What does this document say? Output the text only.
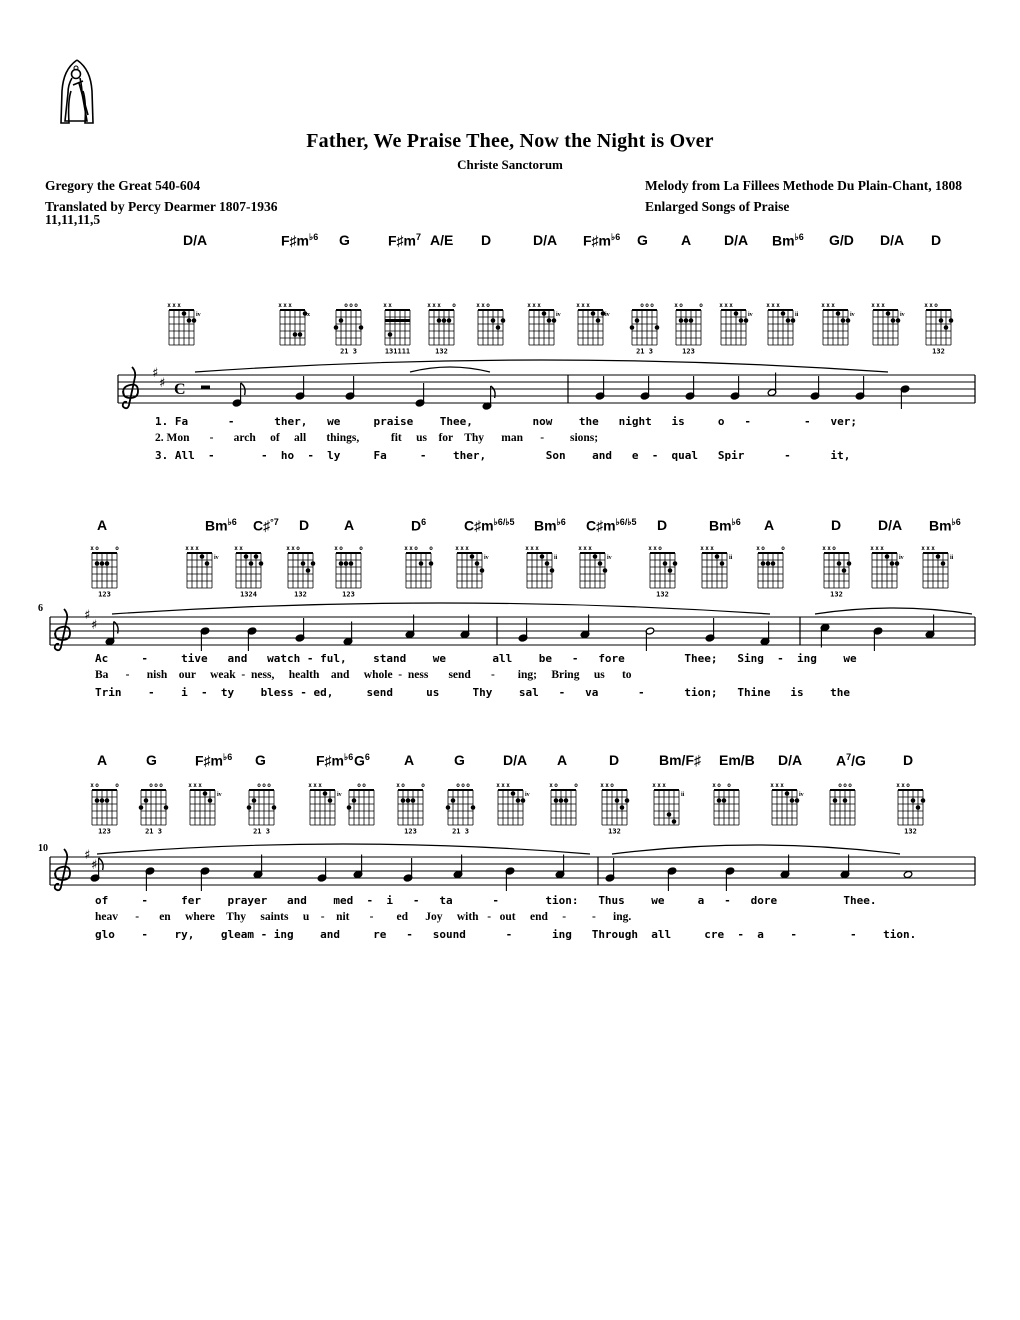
Father, We Praise Thee, Now the Night is Over
Christe Sanctorum
Gregory the Great 540-604
Translated by Percy Dearmer 1807-1936
11,11,11,5
Melody from La Fillees Methode Du Plain-Chant, 1808
Enlarged Songs of Praise
D/A	$F♯m^{♭6}$ G	$F♯m^7$ A/E D	D/A $F♯m^{♭6}$ G A D/A $Bm^{♭6}$ G/D D/A D
x x x
iv
x x x
x
o o o
21 3
x x
131111
x x x o
132
x x o	x x x
iv
x x x
iv
o o o
21 3
x o	o
123
x x x
iv
x x x
ii
x x x
iv
x x x
iv
x x o
132
♯
♯ C
1. Fa      -      ther,   we     praise    Thee,         now    the   night   is     o   -        -   ver;
2. Mon       -       arch     of     all       things,           fit     us    for    Thy      man      -         sions;
3. All  -       -  ho  -  ly     Fa     -    ther,         Son    and   e  -  qual   Spir      -      it,
A	$Bm^{♭6}$ C♯$^{^\circ 7}$ D A	$D^6$	$C♯m^{♭6/♭5}$ $Bm^{♭6}$ $C♯m^{♭6/♭5}$ D	$Bm^{♭6}$ A	D	D/A $Bm^{♭6}$
x o	o
123
x x x
iv
x x
1324
x x o
132
x o	o
123
x x o o	x x x
iv
x x x
ii
x x x
iv
x x o
132
x x x
ii
x o	o	x x o
132
x x x
iv
x x x
ii
♯
♯
6
Ac     -     tive   and   watch - ful,    stand    we       all    be   -   fore         Thee;   Sing  -  ing    we
Ba      -      nish    our     weak  -  ness,     health    and     whole  -  ness       send       -        ing;     Bring     us      to
Trin    -    i  -  ty    bless - ed,     send     us     Thy    sal   -   va      -      tion;   Thine   is    the
A	G	$F♯m^{♭6}$ G	$F♯m^{♭6}$ $G^6$ A	G	D/A A	D	Bm/F♯ Em/B D/A $A^7/G$	D
x o	o
123
o o o
21 3
x x x
iv
o o o
21 3
x x x
iv
o o	x o	o
123
o o o
21 3
x x x
iv
x o	o	x x o
132
x x x
ii
x o o	x x x
iv
o o o	x x o
132
♯
♯
10
of     -     fer    prayer   and    med  -  i   -   ta      -       tion:   Thus    we     a   -   dore          Thee.
heav      -       en     where    Thy     saints     u    -    nit       -        ed      Joy     with   -   out     end     -         -      ing.
glo    -    ry,    gleam - ing    and     re   -   sound      -      ing   Through  all     cre  -  a    -        -    tion.
